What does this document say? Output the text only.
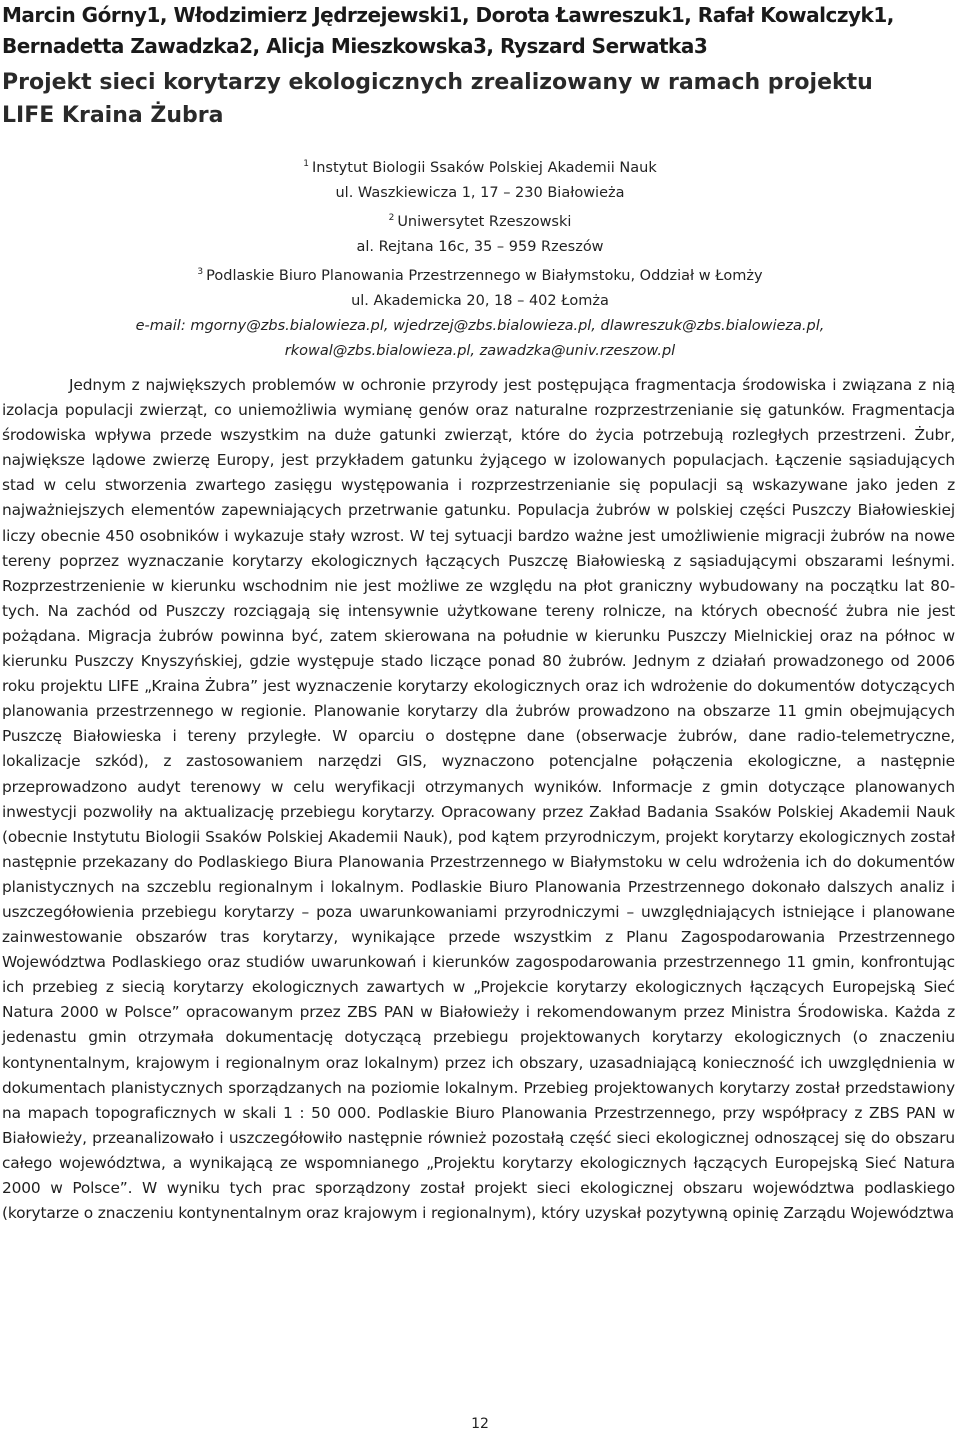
Marcin Górny1, Włodzimierz Jędrzejewski1, Dorota Ławreszuk1, Rafał Kowalczyk1,
Bernadetta Zawadzka2, Alicja Mieszkowska3, Ryszard Serwatka3
Projekt sieci korytarzy ekologicznych zrealizowany w ramach projektu
LIFE Kraina Żubra
$^1$ Instytut Biologii Ssaków Polskiej Akademii Nauk
ul. Waszkiewicza 1, 17 – 230 Białowieża
$^2$ Uniwersytet Rzeszowski
al. Rejtana 16c, 35 – 959 Rzeszów
$^3$ Podlaskie Biuro Planowania Przestrzennego w Białymstoku, Oddział w Łomży
ul. Akademicka 20, 18 – 402 Łomża
e-mail: mgorny@zbs.bialowieza.pl, wjedrzej@zbs.bialowieza.pl, dlawreszuk@zbs.bialowieza.pl,
rkowal@zbs.bialowieza.pl, zawadzka@univ.rzeszow.pl

Jednym z największych problemów w ochronie przyrody jest postępująca fragmentacja środowiska i związana z nią izolacja populacji zwierząt, co uniemożliwia wymianę genów oraz naturalne rozprzestrzenianie się gatunków. Fragmentacja środowiska wpływa przede wszystkim na duże gatunki zwierząt, które do życia potrzebują rozległych przestrzeni. Żubr, największe lądowe zwierzę Europy, jest przykładem gatunku żyjącego w izolowanych populacjach. Łączenie sąsiadujących stad w celu stworzenia zwartego zasięgu występowania i rozprzestrzenianie się populacji są wskazywane jako jeden z najważniejszych elementów zapewniających przetrwanie gatunku. Populacja żubrów w polskiej części Puszczy Białowieskiej liczy obecnie 450 osobników i wykazuje stały wzrost. W tej sytuacji bardzo ważne jest umożliwienie migracji żubrów na nowe tereny poprzez wyznaczanie korytarzy ekologicznych łączących Puszczę Białowieską z sąsiadującymi obszarami leśnymi. Rozprzestrzenienie w kierunku wschodnim nie jest możliwe ze względu na płot graniczny wybudowany na początku lat 80-tych. Na zachód od Puszczy rozciągają się intensywnie użytkowane tereny rolnicze, na których obecność żubra nie jest pożądana. Migracja żubrów powinna być, zatem skierowana na południe w kierunku Puszczy Mielnickiej oraz na północ w kierunku Puszczy Knyszyńskiej, gdzie występuje stado liczące ponad 80 żubrów. Jednym z działań prowadzonego od 2006 roku projektu LIFE „Kraina Żubra” jest wyznaczenie korytarzy ekologicznych oraz ich wdrożenie do dokumentów dotyczących planowania przestrzennego w regionie. Planowanie korytarzy dla żubrów prowadzono na obszarze 11 gmin obejmujących Puszczę Białowieska i tereny przyległe. W oparciu o dostępne dane (obserwacje żubrów, dane radio-telemetryczne, lokalizacje szkód), z zastosowaniem narzędzi GIS, wyznaczono potencjalne połączenia ekologiczne, a następnie przeprowadzono audyt terenowy w celu weryfikacji otrzymanych wyników. Informacje z gmin dotyczące planowanych inwestycji pozwoliły na aktualizację przebiegu korytarzy. Opracowany przez Zakład Badania Ssaków Polskiej Akademii Nauk (obecnie Instytutu Biologii Ssaków Polskiej Akademii Nauk), pod kątem przyrodniczym, projekt korytarzy ekologicznych został następnie przekazany do Podlaskiego Biura Planowania Przestrzennego w Białymstoku w celu wdrożenia ich do dokumentów planistycznych na szczeblu regionalnym i lokalnym. Podlaskie Biuro Planowania Przestrzennego dokonało dalszych analiz i uszczegółowienia przebiegu korytarzy – poza uwarunkowaniami przyrodniczymi – uwzględniających istniejące i planowane zainwestowanie obszarów tras korytarzy, wynikające przede wszystkim z Planu Zagospodarowania Przestrzennego Województwa Podlaskiego oraz studiów uwarunkowań i kierunków zagospodarowania przestrzennego 11 gmin, konfrontując ich przebieg z siecią korytarzy ekologicznych zawartych w „Projekcie korytarzy ekologicznych łączących Europejską Sieć Natura 2000 w Polsce” opracowanym przez ZBS PAN w Białowieży i rekomendowanym przez Ministra Środowiska. Każda z jedenastu gmin otrzymała dokumentację dotyczącą przebiegu projektowanych korytarzy ekologicznych (o znaczeniu kontynentalnym, krajowym i regionalnym oraz lokalnym) przez ich obszary, uzasadniającą konieczność ich uwzględnienia w dokumentach planistycznych sporządzanych na poziomie lokalnym. Przebieg projektowanych korytarzy został przedstawiony na mapach topograficznych w skali 1 : 50 000. Podlaskie Biuro Planowania Przestrzennego, przy współpracy z ZBS PAN w Białowieży, przeanalizowało i uszczegółowiło następnie również pozostałą część sieci ekologicznej odnoszącej się do obszaru całego województwa, a wynikającą ze wspomnianego „Projektu korytarzy ekologicznych łączących Europejską Sieć Natura 2000 w Polsce”. W wyniku tych prac sporządzony został projekt sieci ekologicznej obszaru województwa podlaskiego (korytarze o znaczeniu kontynentalnym oraz krajowym i regionalnym), który uzyskał pozytywną opinię Zarządu Województwa

12
